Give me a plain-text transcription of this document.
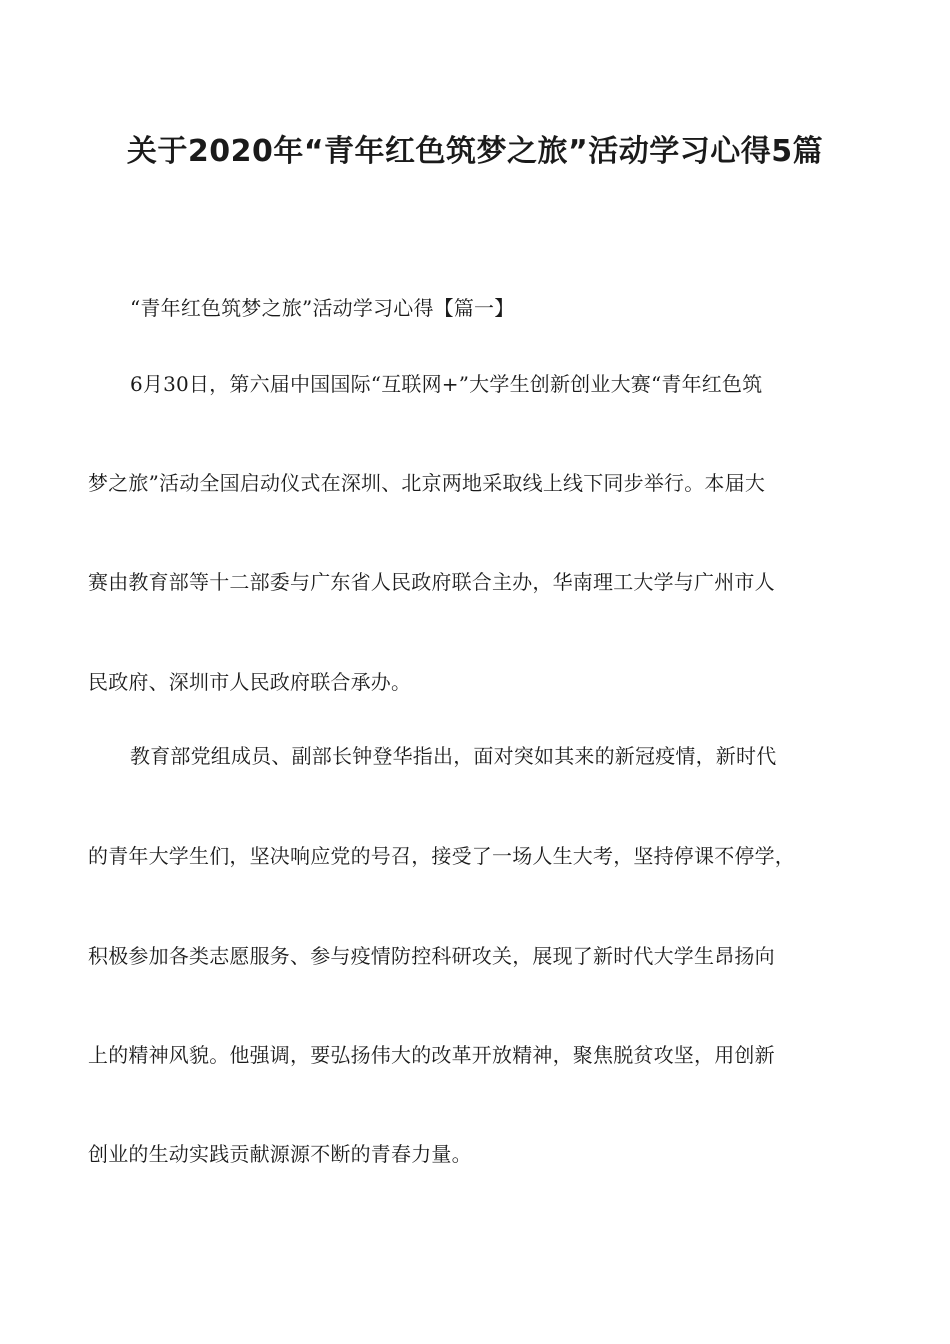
关于2020年“青年红色筑梦之旅”活动学习心得5篇

“青年红色筑梦之旅”活动学习心得【篇一】

6月30日，第六届中国国际“互联网+”大学生创新创业大赛“青年红色筑

梦之旅”活动全国启动仪式在深圳、北京两地采取线上线下同步举行。本届大

赛由教育部等十二部委与广东省人民政府联合主办，华南理工大学与广州市人

民政府、深圳市人民政府联合承办。

教育部党组成员、副部长钟登华指出，面对突如其来的新冠疫情，新时代

的青年大学生们，坚决响应党的号召，接受了一场人生大考，坚持停课不停学，

积极参加各类志愿服务、参与疫情防控科研攻关，展现了新时代大学生昂扬向

上的精神风貌。他强调，要弘扬伟大的改革开放精神，聚焦脱贫攻坚，用创新

创业的生动实践贡献源源不断的青春力量。
